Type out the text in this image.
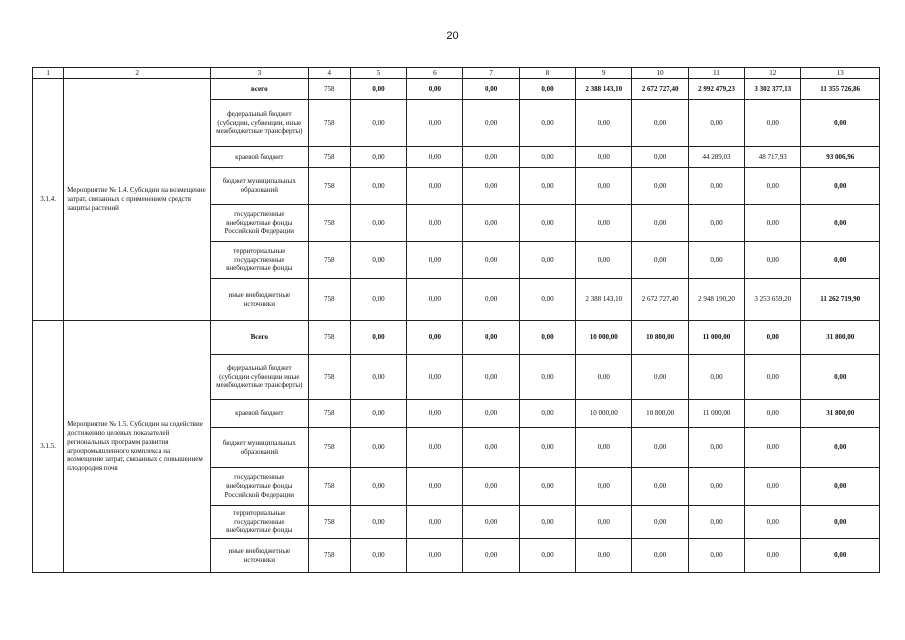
20
1	2	3	4	5	6	7	8	9	10	11	12	13
3.1.4.	Мероприятие № 1.4. Субсидии на возмещение затрат, связанных с применением средств защиты растений	всего	758	0,00	0,00	0,00	0,00	2 388 143,10	2 672 727,40	2 992 479,23	3 302 377,13	11 355 726,86
		федеральный бюджет (субсидии, субвенции, иные межбюджетные трансферты)	758	0,00	0,00	0,00	0,00	0,00	0,00	0,00	0,00	0,00
		краевой бюджет	758	0,00	0,00	0,00	0,00	0,00	0,00	44 289,03	48 717,93	93 006,96
		бюджет муниципальных образований	758	0,00	0,00	0,00	0,00	0,00	0,00	0,00	0,00	0,00
		государственные внебюджетные фонды Российской Федерации	758	0,00	0,00	0,00	0,00	0,00	0,00	0,00	0,00	0,00
		территориальные государственные внебюджетные фонды	758	0,00	0,00	0,00	0,00	0,00	0,00	0,00	0,00	0,00
		иные внебюджетные источники	758	0,00	0,00	0,00	0,00	2 388 143,10	2 672 727,40	2 948 190,20	3 253 659,20	11 262 719,90
3.1.5.	Мероприятие № 1.5. Субсидии на содействие достижению целевых показателей региональных программ развития агропромышленного комплекса на возмещение затрат, связанных с повышением плодородия почв	Всего	758	0,00	0,00	0,00	0,00	10 000,00	10 800,00	11 000,00	0,00	31 800,00
		федеральный бюджет (субсидии субвенции иные межбюджетные трансферты)	758	0,00	0,00	0,00	0,00	0,00	0,00	0,00	0,00	0,00
		краевой бюджет	758	0,00	0,00	0,00	0,00	10 000,00	10 800,00	11 000,00	0,00	31 800,00
		бюджет муниципальных образований	758	0,00	0,00	0,00	0,00	0,00	0,00	0,00	0,00	0,00
		государственные внебюджетные фонды Российской Федерации	758	0,00	0,00	0,00	0,00	0,00	0,00	0,00	0,00	0,00
		территориальные государственные внебюджетные фонды	758	0,00	0,00	0,00	0,00	0,00	0,00	0,00	0,00	0,00
		иные внебюджетные источники	758	0,00	0,00	0,00	0,00	0,00	0,00	0,00	0,00	0,00
